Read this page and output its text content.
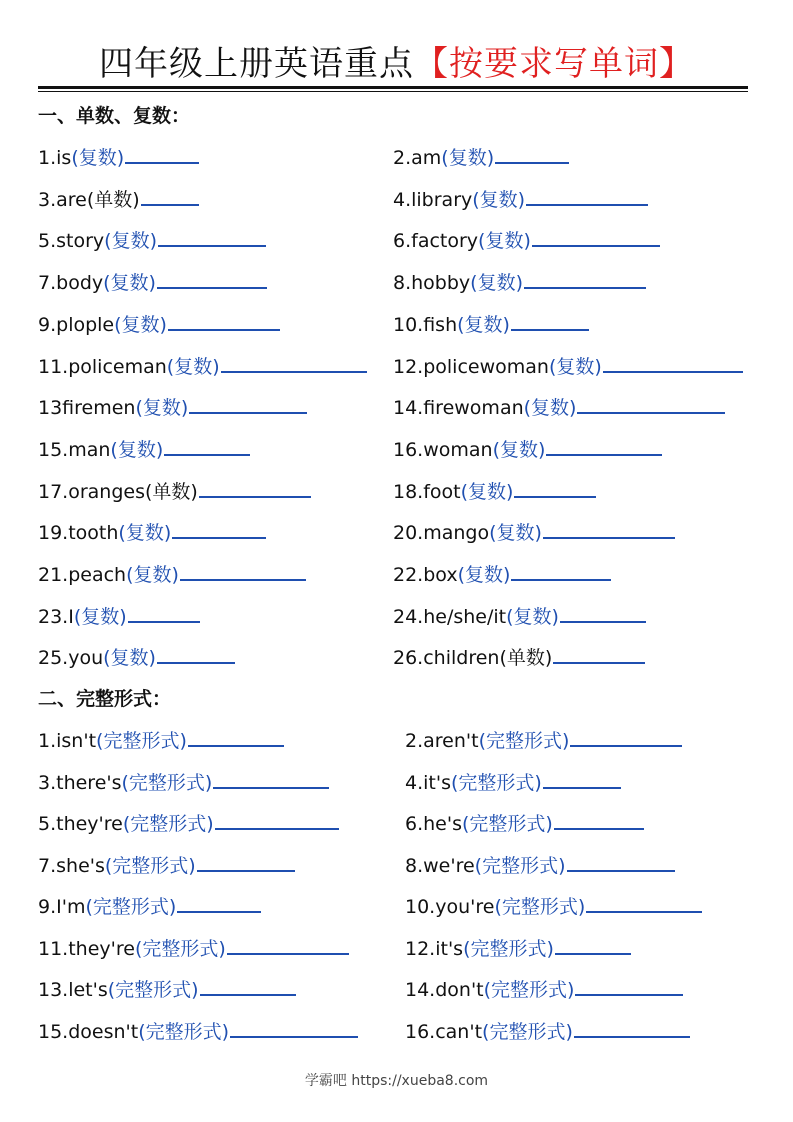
四年级上册英语重点【按要求写单词】
一、单数、复数：
1.is(复数)	2.am(复数)
3.are(单数)	4.library(复数)
5.story(复数)	6.factory(复数)
7.body(复数)	8.hobby(复数)
9.plople(复数)	10.fish(复数)
11.policeman(复数)	12.policewoman(复数)
13firemen(复数)	14.firewoman(复数)
15.man(复数)	16.woman(复数)
17.oranges(单数)	18.foot(复数)
19.tooth(复数)	20.mango(复数)
21.peach(复数)	22.box(复数)
23.I(复数)	24.he/she/it(复数)
25.you(复数)	26.children(单数)
二、完整形式：
1.isn't(完整形式)	2.aren't(完整形式)
3.there's(完整形式)	4.it's(完整形式)
5.they're(完整形式)	6.he's(完整形式)
7.she's(完整形式)	8.we're(完整形式)
9.I'm(完整形式)	10.you're(完整形式)
11.they're(完整形式)	12.it's(完整形式)
13.let's(完整形式)	14.don't(完整形式)
15.doesn't(完整形式)	16.can't(完整形式)
学霸吧 https://xueba8.com
